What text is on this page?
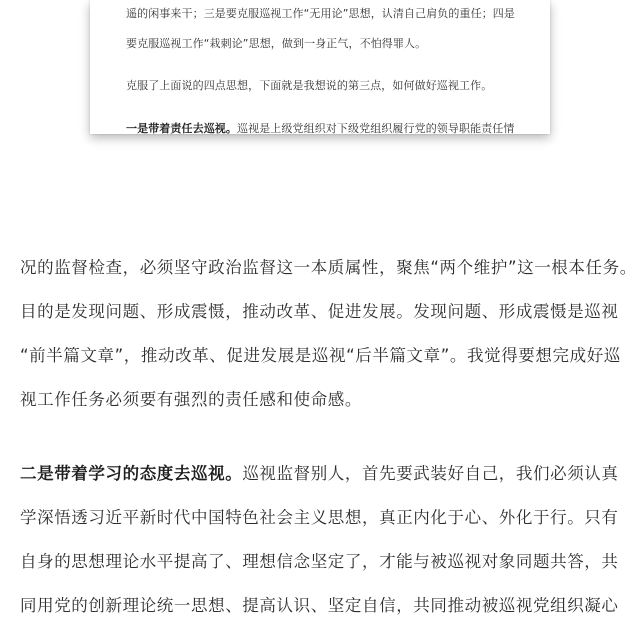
遥的闲事来干；三是要克服巡视工作“无用论”思想，认清自己肩负的重任；四是
要克服巡视工作“栽刺论”思想，做到一身正气，不怕得罪人。
克服了上面说的四点思想，下面就是我想说的第三点，如何做好巡视工作。
一是带着责任去巡视。巡视是上级党组织对下级党组织履行党的领导职能责任情
况的监督检查，必须坚守政治监督这一本质属性，聚焦“两个维护”这一根本任务。
目的是发现问题、形成震慑，推动改革、促进发展。发现问题、形成震慑是巡视
“前半篇文章”，推动改革、促进发展是巡视“后半篇文章”。我觉得要想完成好巡
视工作任务必须要有强烈的责任感和使命感。
二是带着学习的态度去巡视。巡视监督别人，首先要武装好自己，我们必须认真
学深悟透习近平新时代中国特色社会主义思想，真正内化于心、外化于行。只有
自身的思想理论水平提高了、理想信念坚定了，才能与被巡视对象同题共答，共
同用党的创新理论统一思想、提高认识、坚定自信，共同推动被巡视党组织凝心
